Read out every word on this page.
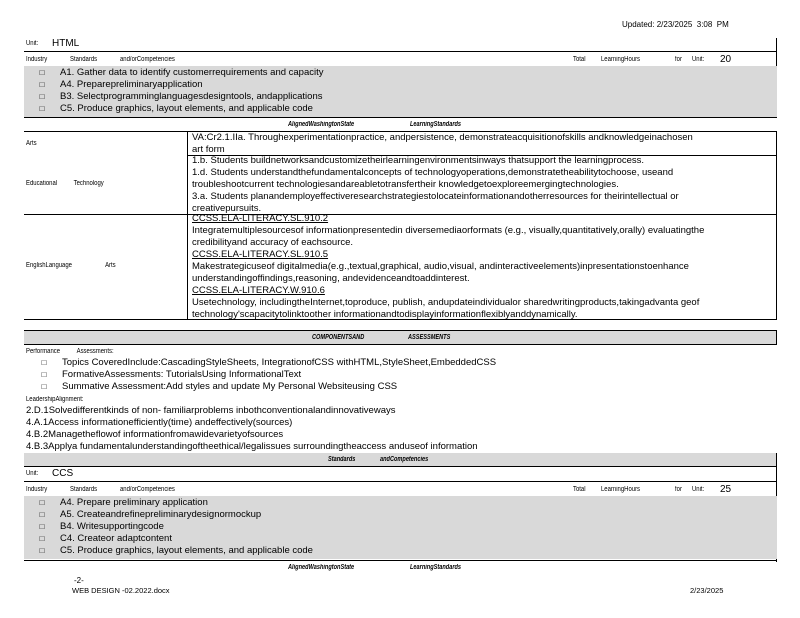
Updated: 2/23/2025 3:08 PM
Unit: HTML
Industry	Standards	and/orCompetencies	Total LearningHours	for Unit: 20
□ A1. Gather data to identify customerrequirements and capacity
□ A4. Preparepreliminaryapplication
□ B3. Selectprogramminglanguagesdesigntools, andapplications
□ C5. Produce graphics, layout elements, and applicable code
AlignedWashingtonState	LearningStandards
Arts
VA:Cr2.1.IIa. Throughexperimentationpractice, andpersistence, demonstrateacquisitionofskills andknowledgeinachosen
art form
Educational Technology
1.b. Students buildnetworksandcustomizetheirlearningenvironmentsinways thatsupport the learningprocess.
1.d. Students understandthefundamentalconcepts of technologyoperations,demonstratetheabilitytochoose, useand
troubleshootcurrent technologiesandareabletotransfertheir knowledgetoexploreemergingtechnologies.
3.a. Students planandemployeffectiveresearchstrategiestolocateinformationandotherresources for theirintellectual or
creativepursuits.
EnglishLanguage	Arts
CCSS.ELA-LITERACY.SL.910.2
Integratemultiplesourcesof informationpresentedin diversemediaorformats (e.g., visually,quantitatively,orally) evaluatingthe
credibilityand accuracy of eachsource.
CCSS.ELA-LITERACY.SL.910.5
Makestrategicuseof digitalmedia(e.g.,textual,graphical, audio,visual, andinteractiveelements)inpresentationstoenhance
understandingoffindings,reasoning, andevidenceandtoaddinterest.
CCSS.ELA-LITERACY.W.910.6
Usetechnology, includingtheInternet,toproduce, publish, andupdateindividualor sharedwritingproducts,takingadvanta geof
technology'scapacitytolinktoother informationandtodisplayinformationflexiblyanddynamically.
COMPONENTSAND	ASSESSMENTS
Performance Assessments:
□ Topics CoveredInclude:CascadingStyleSheets, IntegrationofCSS withHTML,StyleSheet,EmbeddedCSS
□ FormativeAssessments: TutorialsUsing InformationalText
□ Summative Assessment:Add styles and update My Personal Websiteusing CSS
LeadershipAlignment:
2.D.1Solvedifferentkinds of non- familiarproblems inbothconventionalandinnovativeways
4.A.1Access informationefficiently(time) andeffectively(sources)
4.B.2Managetheflowof informationfromawidevarietyofsources
4.B.3Applya fundamentalunderstandingoftheethical/legalissues surroundingtheaccess anduseof information
Standards	andCompetencies
Unit: CCS
Industry	Standards	and/orCompetencies	Total LearningHours	for Unit: 25
□ A4. Prepare preliminary application
□ A5. Createandrefinepreliminarydesignormockup
□ B4. Writesupportingcode
□ C4. Createor adaptcontent
□ C5. Produce graphics, layout elements, and applicable code
AlignedWashingtonState	LearningStandards
-2-
WEB DESIGN -02.2022.docx	2/23/2025
